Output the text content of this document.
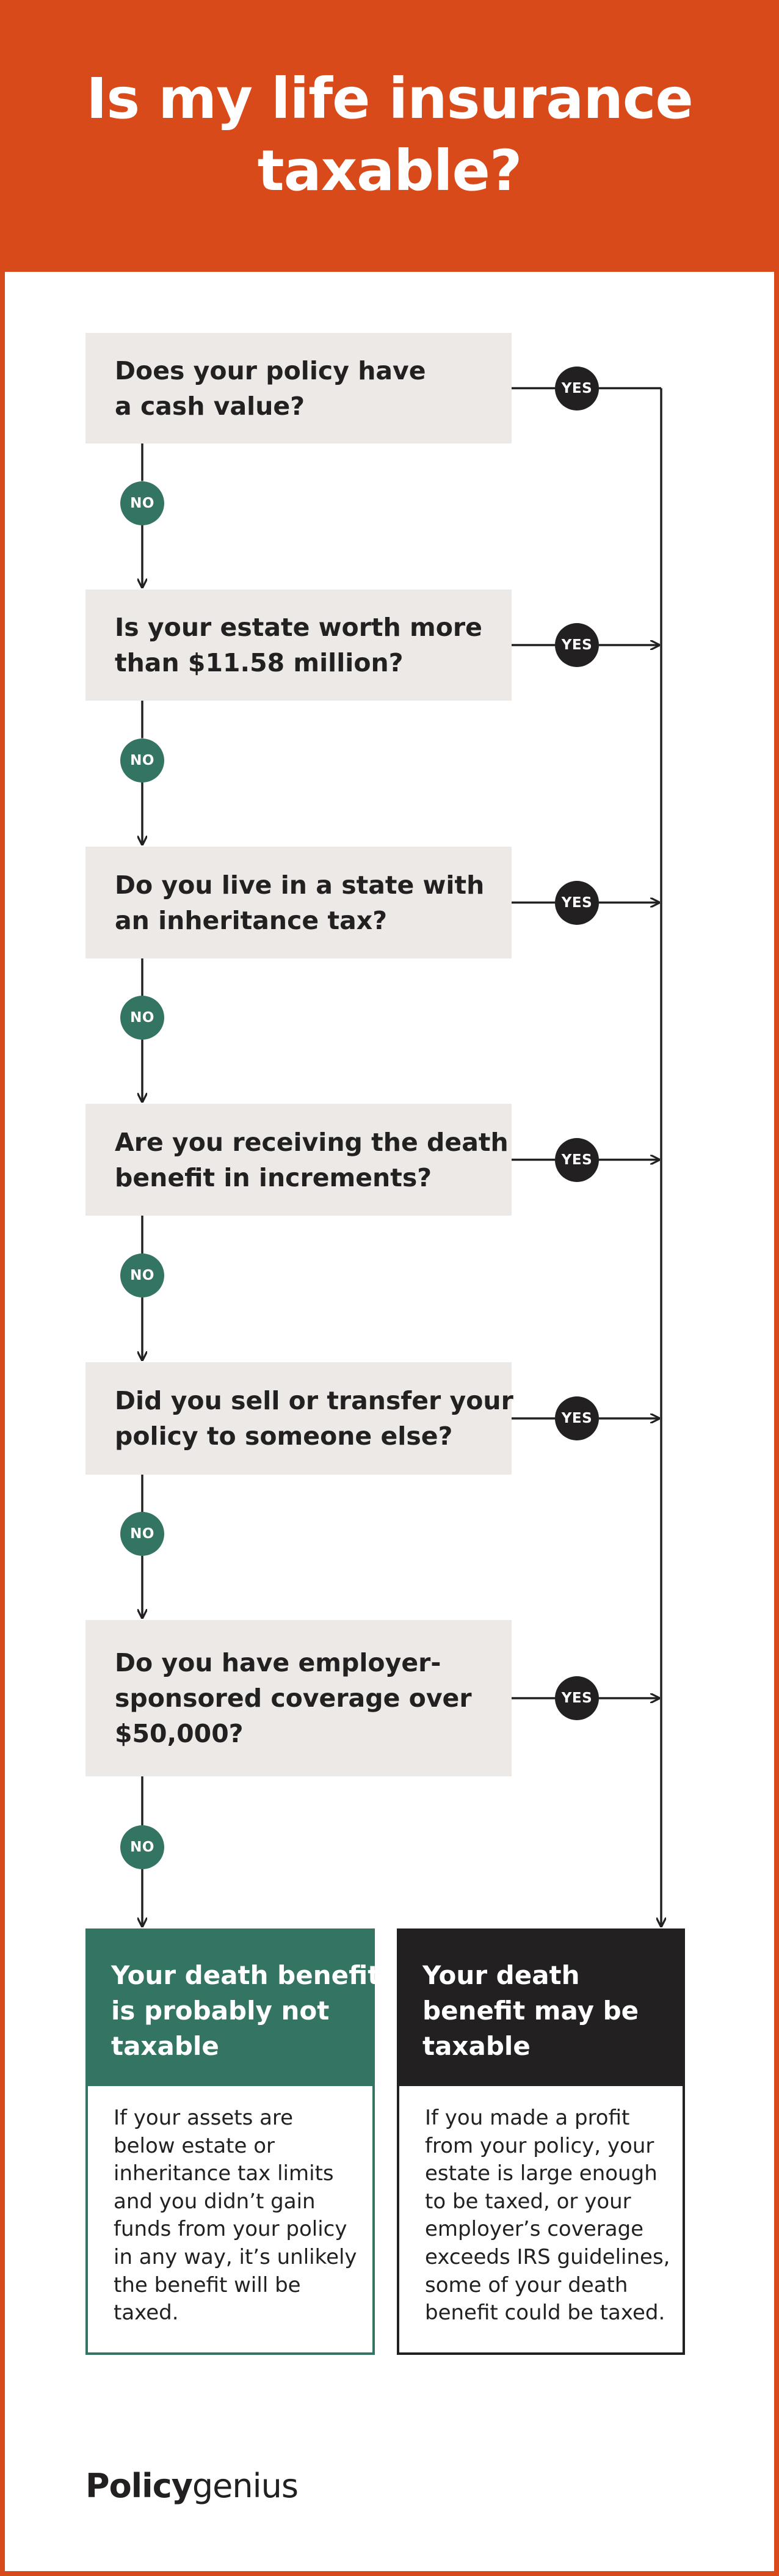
Is my life insurance
taxable?
Does your policy have
a cash value?
Is your estate worth more
than $11.58 million?
Do you live in a state with
an inheritance tax?
Are you receiving the death
benefit in increments?
Did you sell or transfer your
policy to someone else?
Do you have employer-
sponsored coverage over
$50,000?
YES
NO
YES
NO
YES
NO
YES
NO
YES
NO
YES
NO
Your death benefit
is probably not
taxable
If your assets are
below estate or
inheritance tax limits
and you didn’t gain
funds from your policy
in any way, it’s unlikely
the benefit will be
taxed.
Your death
benefit may be
taxable
If you made a profit
from your policy, your
estate is large enough
to be taxed, or your
employer’s coverage
exceeds IRS guidelines,
some of your death
benefit could be taxed.
Policygenius
